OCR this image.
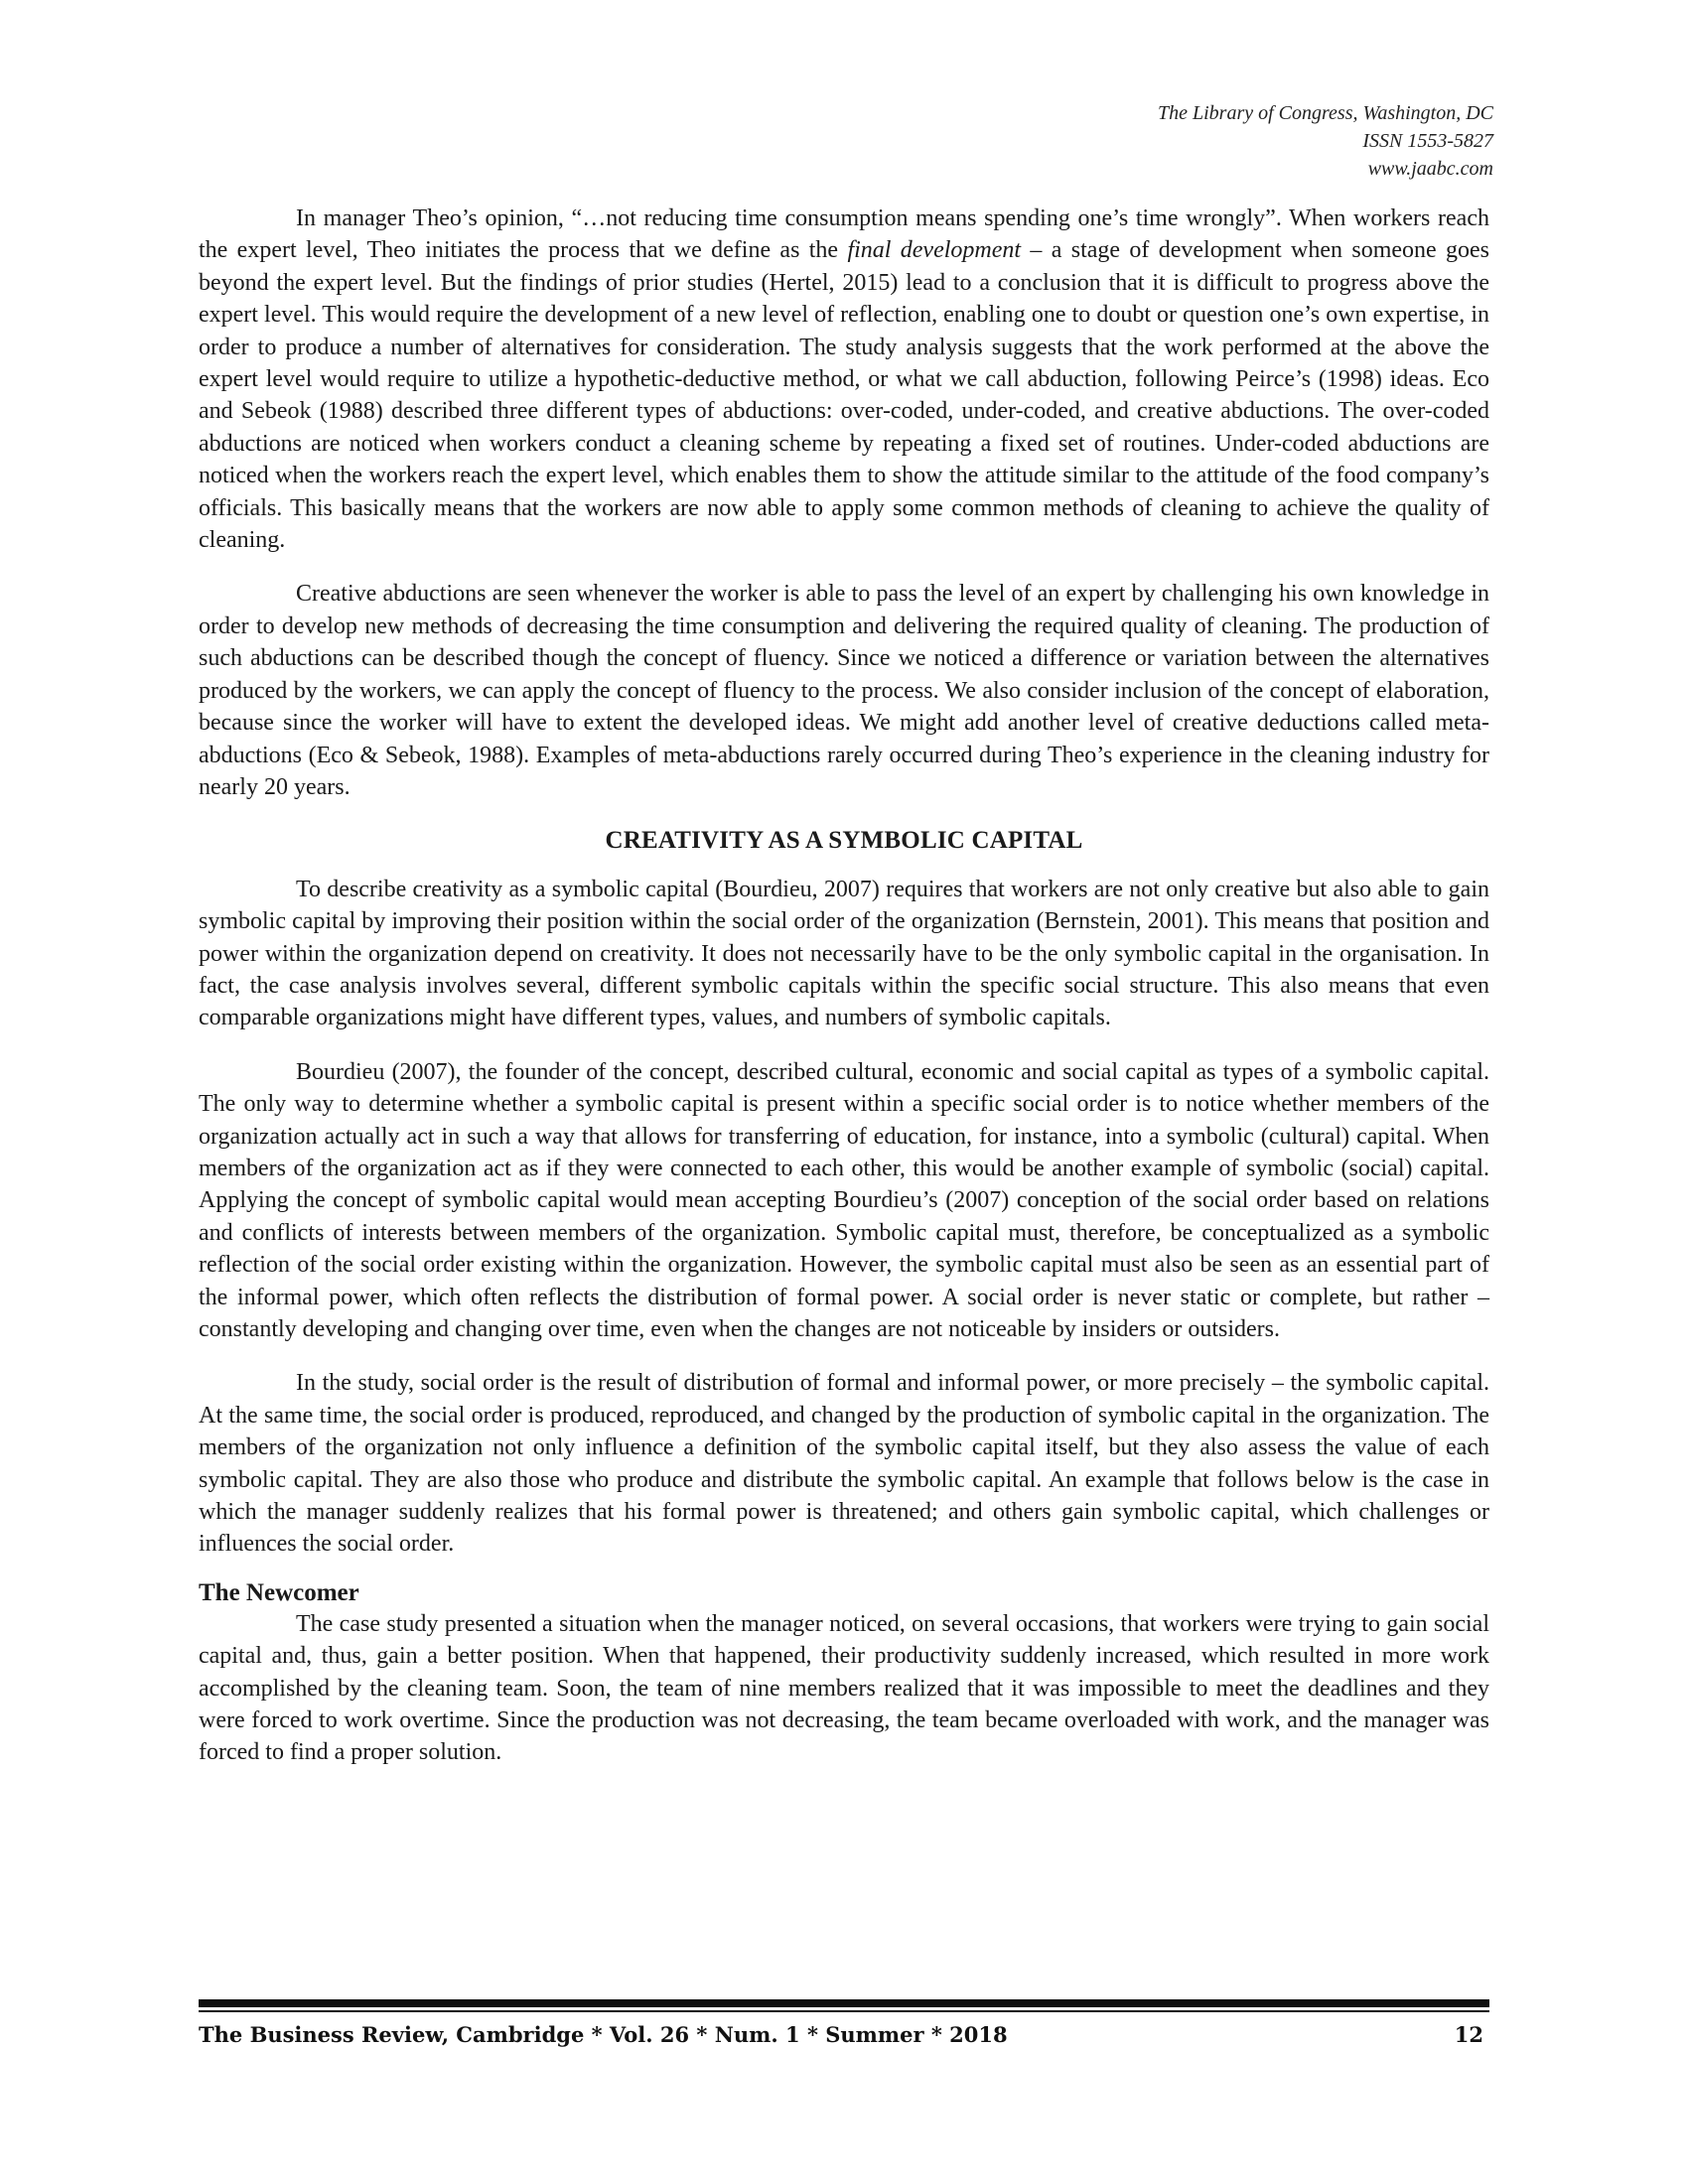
The Library of Congress, Washington, DC
ISSN 1553-5827
www.jaabc.com

In manager Theo’s opinion, “…not reducing time consumption means spending one’s time wrongly”. When workers reach the expert level, Theo initiates the process that we define as the final development – a stage of development when someone goes beyond the expert level. But the findings of prior studies (Hertel, 2015) lead to a conclusion that it is difficult to progress above the expert level. This would require the development of a new level of reflection, enabling one to doubt or question one’s own expertise, in order to produce a number of alternatives for consideration. The study analysis suggests that the work performed at the above the expert level would require to utilize a hypothetic-deductive method, or what we call abduction, following Peirce’s (1998) ideas. Eco and Sebeok (1988) described three different types of abductions: over-coded, under-coded, and creative abductions. The over-coded abductions are noticed when workers conduct a cleaning scheme by repeating a fixed set of routines. Under-coded abductions are noticed when the workers reach the expert level, which enables them to show the attitude similar to the attitude of the food company’s officials. This basically means that the workers are now able to apply some common methods of cleaning to achieve the quality of cleaning.

Creative abductions are seen whenever the worker is able to pass the level of an expert by challenging his own knowledge in order to develop new methods of decreasing the time consumption and delivering the required quality of cleaning. The production of such abductions can be described though the concept of fluency. Since we noticed a difference or variation between the alternatives produced by the workers, we can apply the concept of fluency to the process. We also consider inclusion of the concept of elaboration, because since the worker will have to extent the developed ideas. We might add another level of creative deductions called meta-abductions (Eco & Sebeok, 1988). Examples of meta-abductions rarely occurred during Theo’s experience in the cleaning industry for nearly 20 years.

CREATIVITY AS A SYMBOLIC CAPITAL

To describe creativity as a symbolic capital (Bourdieu, 2007) requires that workers are not only creative but also able to gain symbolic capital by improving their position within the social order of the organization (Bernstein, 2001). This means that position and power within the organization depend on creativity. It does not necessarily have to be the only symbolic capital in the organisation. In fact, the case analysis involves several, different symbolic capitals within the specific social structure. This also means that even comparable organizations might have different types, values, and numbers of symbolic capitals.

Bourdieu (2007), the founder of the concept, described cultural, economic and social capital as types of a symbolic capital. The only way to determine whether a symbolic capital is present within a specific social order is to notice whether members of the organization actually act in such a way that allows for transferring of education, for instance, into a symbolic (cultural) capital. When members of the organization act as if they were connected to each other, this would be another example of symbolic (social) capital. Applying the concept of symbolic capital would mean accepting Bourdieu’s (2007) conception of the social order based on relations and conflicts of interests between members of the organization. Symbolic capital must, therefore, be conceptualized as a symbolic reflection of the social order existing within the organization. However, the symbolic capital must also be seen as an essential part of the informal power, which often reflects the distribution of formal power. A social order is never static or complete, but rather – constantly developing and changing over time, even when the changes are not noticeable by insiders or outsiders.

In the study, social order is the result of distribution of formal and informal power, or more precisely – the symbolic capital. At the same time, the social order is produced, reproduced, and changed by the production of symbolic capital in the organization. The members of the organization not only influence a definition of the symbolic capital itself, but they also assess the value of each symbolic capital. They are also those who produce and distribute the symbolic capital. An example that follows below is the case in which the manager suddenly realizes that his formal power is threatened; and others gain symbolic capital, which challenges or influences the social order.

The Newcomer

The case study presented a situation when the manager noticed, on several occasions, that workers were trying to gain social capital and, thus, gain a better position. When that happened, their productivity suddenly increased, which resulted in more work accomplished by the cleaning team. Soon, the team of nine members realized that it was impossible to meet the deadlines and they were forced to work overtime. Since the production was not decreasing, the team became overloaded with work, and the manager was forced to find a proper solution.

The Business Review, Cambridge * Vol. 26 * Num. 1 * Summer * 2018	12
